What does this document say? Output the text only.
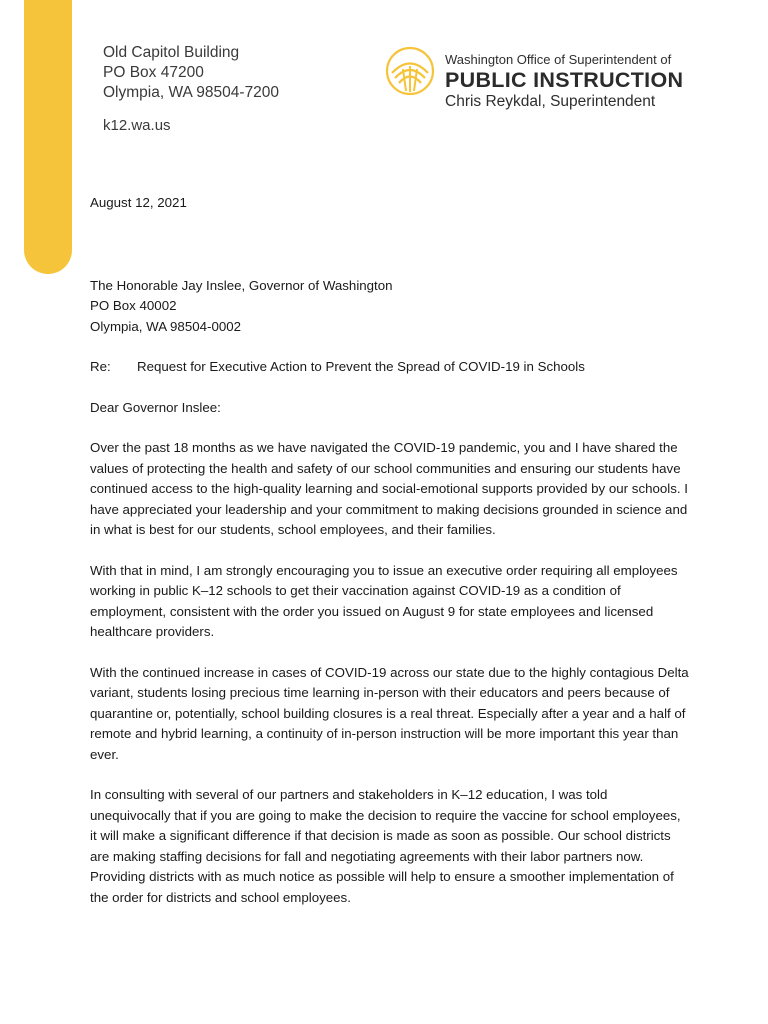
Old Capitol Building
PO Box 47200
Olympia, WA 98504-7200
k12.wa.us
Washington Office of Superintendent of
PUBLIC INSTRUCTION
Chris Reykdal, Superintendent

August 12, 2021

The Honorable Jay Inslee, Governor of Washington
PO Box 40002
Olympia, WA 98504-0002
Re:	Request for Executive Action to Prevent the Spread of COVID-19 in Schools

Dear Governor Inslee:

Over the past 18 months as we have navigated the COVID-19 pandemic, you and I have shared the values of protecting the health and safety of our school communities and ensuring our students have continued access to the high-quality learning and social-emotional supports provided by our schools. I have appreciated your leadership and your commitment to making decisions grounded in science and in what is best for our students, school employees, and their families.

With that in mind, I am strongly encouraging you to issue an executive order requiring all employees working in public K–12 schools to get their vaccination against COVID-19 as a condition of employment, consistent with the order you issued on August 9 for state employees and licensed healthcare providers.

With the continued increase in cases of COVID-19 across our state due to the highly contagious Delta variant, students losing precious time learning in-person with their educators and peers because of quarantine or, potentially, school building closures is a real threat. Especially after a year and a half of remote and hybrid learning, a continuity of in-person instruction will be more important this year than ever.

In consulting with several of our partners and stakeholders in K–12 education, I was told unequivocally that if you are going to make the decision to require the vaccine for school employees, it will make a significant difference if that decision is made as soon as possible. Our school districts are making staffing decisions for fall and negotiating agreements with their labor partners now. Providing districts with as much notice as possible will help to ensure a smoother implementation of the order for districts and school employees.
